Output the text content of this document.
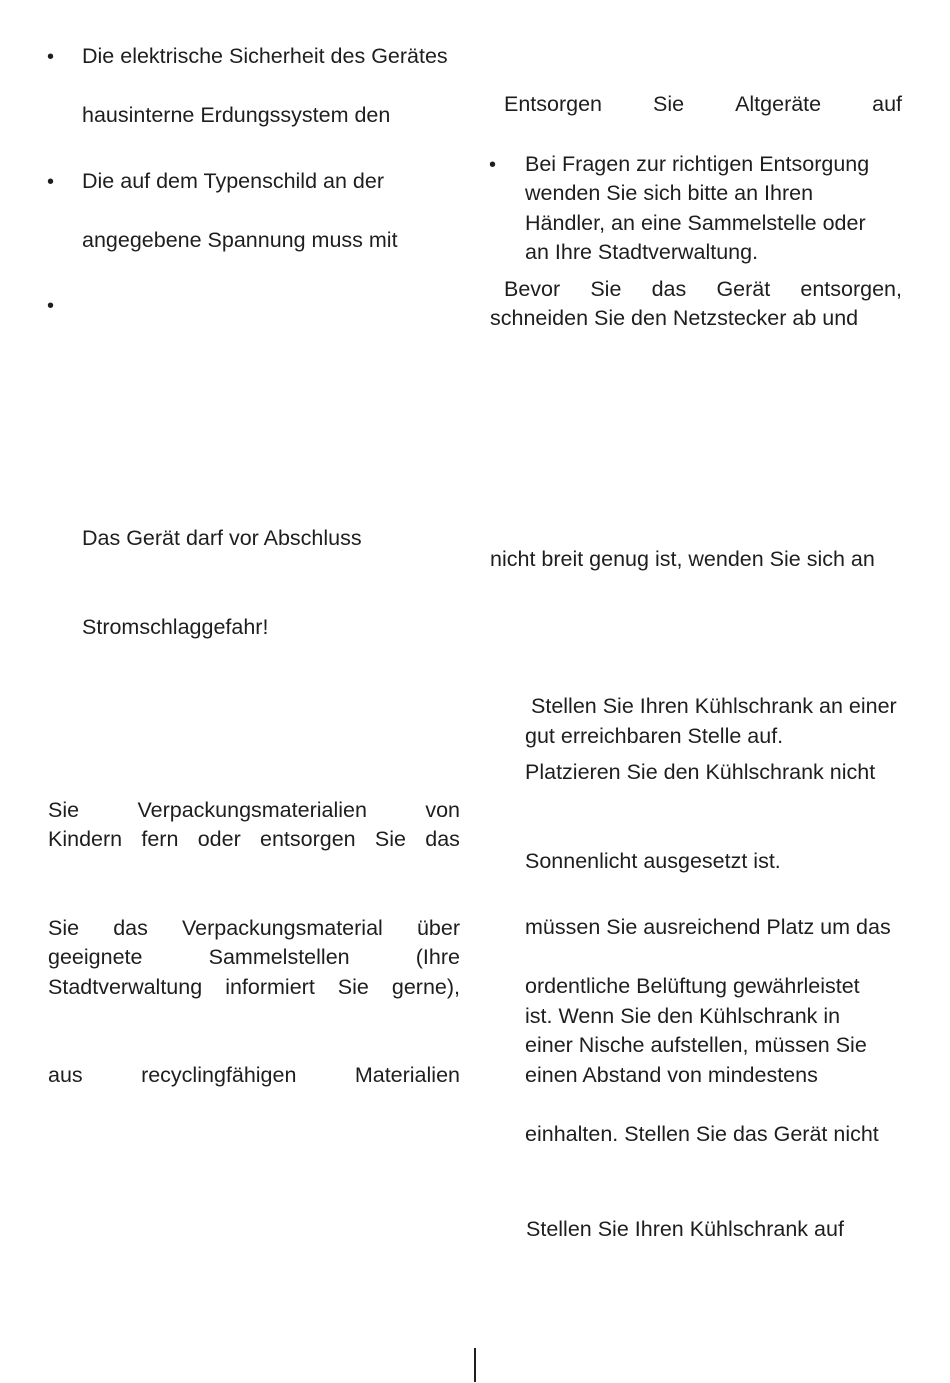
• Die elektrische Sicherheit des Gerätes
hausinterne Erdungssystem den
• Die auf dem Typenschild an der
angegebene Spannung muss mit
•
Das Gerät darf vor Abschluss
Stromschlaggefahr!
Sie	Verpackungsmaterialien	von
Kindern fern oder entsorgen Sie das
Sie das Verpackungsmaterial über
geeignete	Sammelstellen	(Ihre
Stadtverwaltung informiert Sie gerne),
aus	recyclingfähigen	Materialien
Entsorgen Sie Altgeräte auf
• Bei Fragen zur richtigen Entsorgung
wenden Sie sich bitte an Ihren
Händler, an eine Sammelstelle oder
an Ihre Stadtverwaltung.
Bevor Sie das Gerät entsorgen,
schneiden Sie den Netzstecker ab und
nicht breit genug ist, wenden Sie sich an
Stellen Sie Ihren Kühlschrank an einer
gut erreichbaren Stelle auf.
Platzieren Sie den Kühlschrank nicht
Sonnenlicht ausgesetzt ist.
müssen Sie ausreichend Platz um das
ordentliche Belüftung gewährleistet
ist. Wenn Sie den Kühlschrank in
einer Nische aufstellen, müssen Sie
einen Abstand von mindestens
einhalten. Stellen Sie das Gerät nicht
Stellen Sie Ihren Kühlschrank auf
